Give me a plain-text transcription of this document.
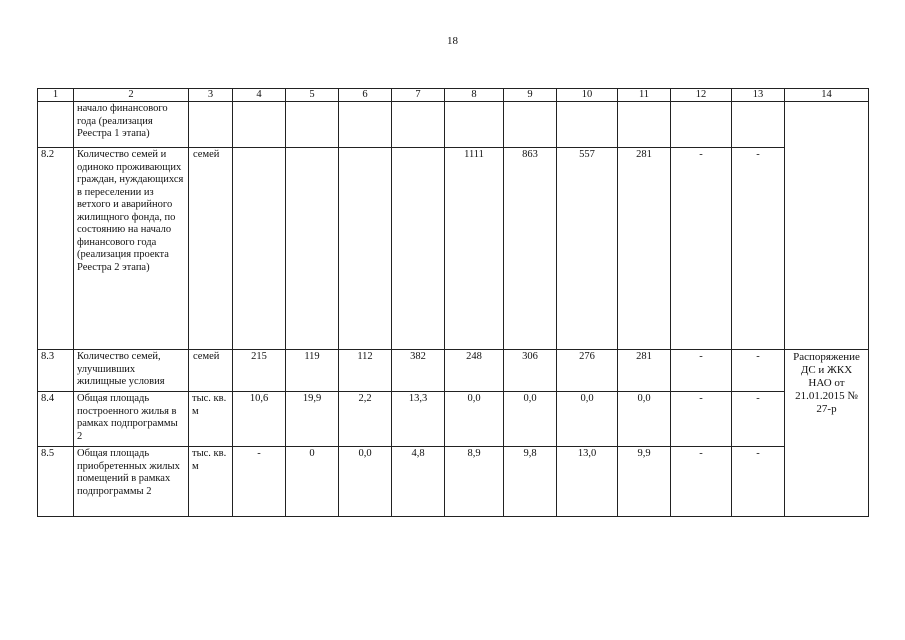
18
1	2	3	4	5	6	7	8	9	10	11	12	13	14
	начало финансового года (реализация Реестра 1 этапа)												
8.2	Количество семей и одиноко проживающих граждан, нуждающихся в переселении из ветхого и аварийного жилищного фонда, по состоянию на начало финансового года (реализация проекта Реестра 2 этапа)	семей					1111	863	557	281	-	-	
8.3	Количество семей, улучшивших жилищные условия	семей	215	119	112	382	248	306	276	281	-	-	Распоряжение ДС и ЖКХ НАО от 21.01.2015 № 27-р
8.4	Общая площадь построенного жилья в рамках подпрограммы 2	тыс. кв. м	10,6	19,9	2,2	13,3	0,0	0,0	0,0	0,0	-	-	
8.5	Общая площадь приобретенных жилых помещений в рамках подпрограммы 2	тыс. кв. м	-	0	0,0	4,8	8,9	9,8	13,0	9,9	-	-	
